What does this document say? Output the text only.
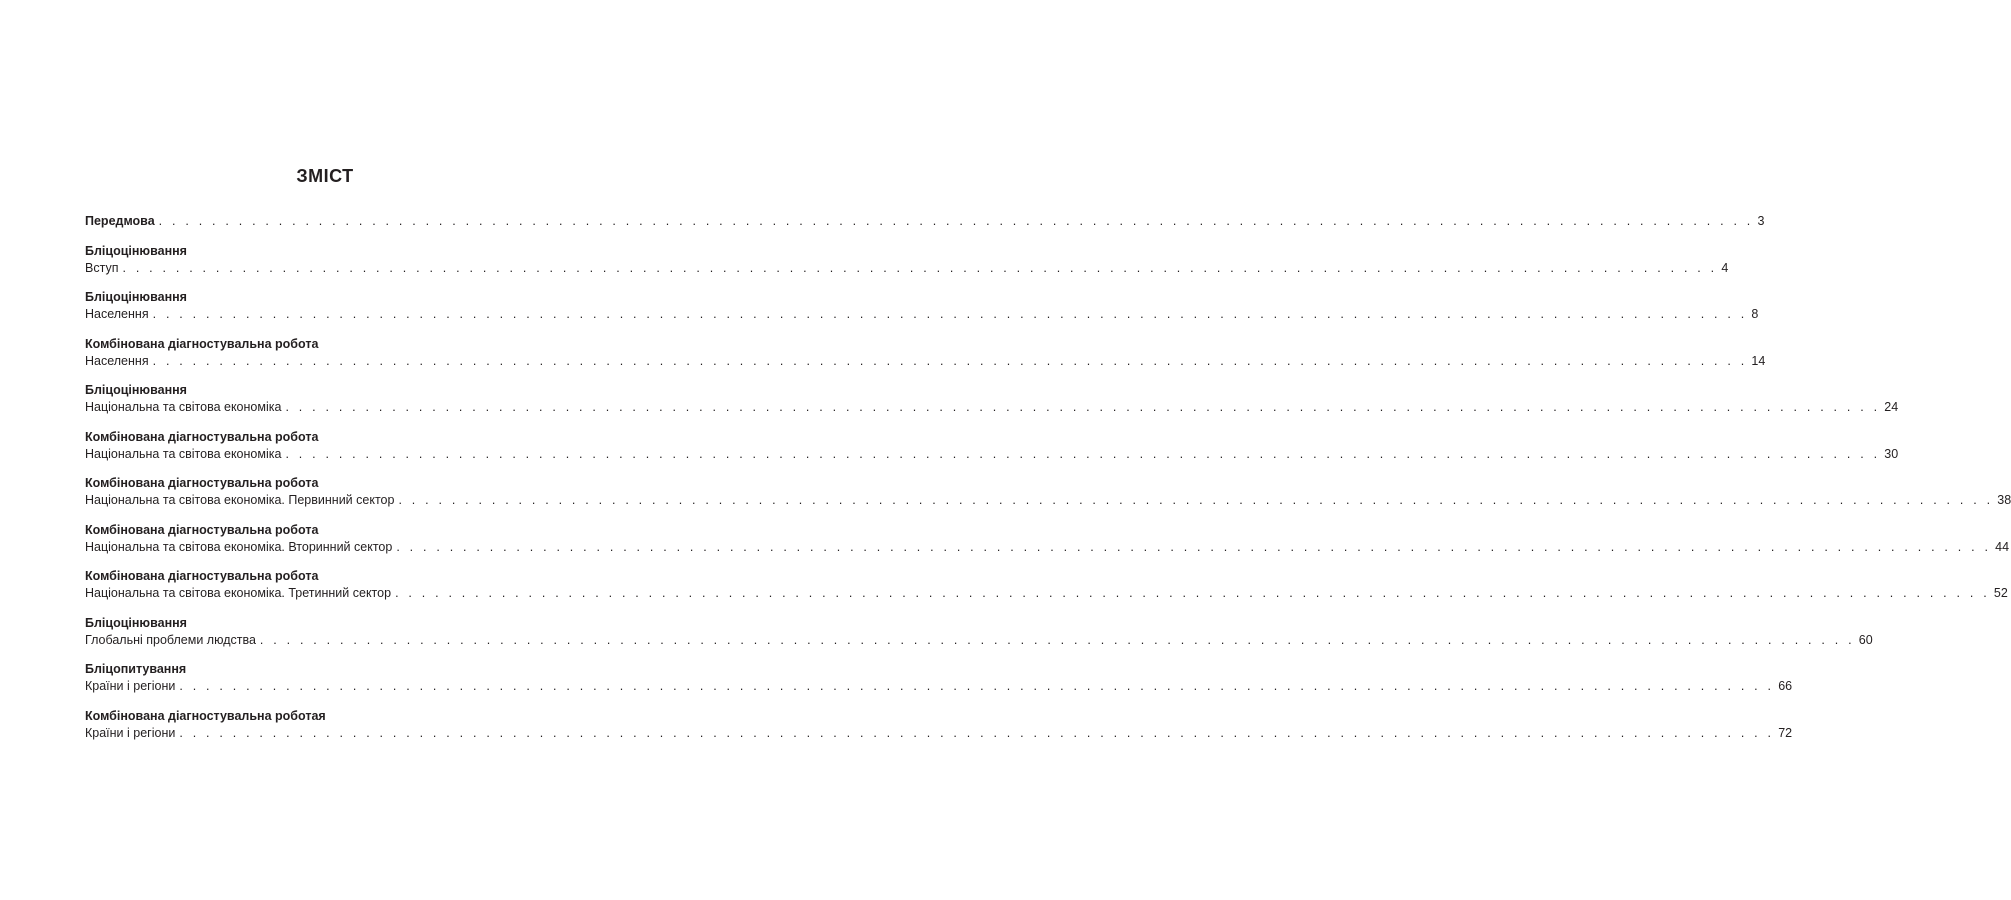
ЗМІСТ
Передмова . . . . . . . . . . . . . . . . . . . . . . . . . . . . . . . . . . . . . . . . . . . . . . . . . . . . . . . . . . . . . . . . . . . . . . . . . . . . . . . . . . . . . . . . . . . . . . . . . . . . . . . . . . . . . . . . . . . . . . . . 3
Бліцоцінювання
Вступ . . . . . . . . . . . . . . . . . . . . . . . . . . . . . . . . . . . . . . . . . . . . . . . . . . . . . . . . . . . . . . . . . . . . . . . . . . . . . . . . . . . . . . . . . . . . . . . . . . . . . . . . . . . . . . . . . . . . . . . . 4
Бліцоцінювання
Населення . . . . . . . . . . . . . . . . . . . . . . . . . . . . . . . . . . . . . . . . . . . . . . . . . . . . . . . . . . . . . . . . . . . . . . . . . . . . . . . . . . . . . . . . . . . . . . . . . . . . . . . . . . . . . . . . . . . . . . . . 8
Комбінована діагностувальна робота
Населення . . . . . . . . . . . . . . . . . . . . . . . . . . . . . . . . . . . . . . . . . . . . . . . . . . . . . . . . . . . . . . . . . . . . . . . . . . . . . . . . . . . . . . . . . . . . . . . . . . . . . . . . . . . . . . . . . . . . . . . . 14
Бліцоцінювання
Національна та світова економіка . . . . . . . . . . . . . . . . . . . . . . . . . . . . . . . . . . . . . . . . . . . . . . . . . . . . . . . . . . . . . . . . . . . . . . . . . . . . . . . . . . . . . . . . . . . . . . . . . . . . . . . . . . . . . . . . . . . . . . . . 24
Комбінована діагностувальна робота
Національна та світова економіка . . . . . . . . . . . . . . . . . . . . . . . . . . . . . . . . . . . . . . . . . . . . . . . . . . . . . . . . . . . . . . . . . . . . . . . . . . . . . . . . . . . . . . . . . . . . . . . . . . . . . . . . . . . . . . . . . . . . . . . . 30
Комбінована діагностувальна робота
Національна та світова економіка. Первинний сектор . . . . . . . . . . . . . . . . . . . . . . . . . . . . . . . . . . . . . . . . . . . . . . . . . . . . . . . . . . . . . . . . . . . . . . . . . . . . . . . . . . . . . . . . . . . . . . . . . . . . . . . . . . . . . . . . . . . . . . . . 38
Комбінована діагностувальна робота
Національна та світова економіка. Вторинний сектор . . . . . . . . . . . . . . . . . . . . . . . . . . . . . . . . . . . . . . . . . . . . . . . . . . . . . . . . . . . . . . . . . . . . . . . . . . . . . . . . . . . . . . . . . . . . . . . . . . . . . . . . . . . . . . . . . . . . . . . . 44
Комбінована діагностувальна робота
Національна та світова економіка. Третинний сектор . . . . . . . . . . . . . . . . . . . . . . . . . . . . . . . . . . . . . . . . . . . . . . . . . . . . . . . . . . . . . . . . . . . . . . . . . . . . . . . . . . . . . . . . . . . . . . . . . . . . . . . . . . . . . . . . . . . . . . . . 52
Бліцоцінювання
Глобальні проблеми людства . . . . . . . . . . . . . . . . . . . . . . . . . . . . . . . . . . . . . . . . . . . . . . . . . . . . . . . . . . . . . . . . . . . . . . . . . . . . . . . . . . . . . . . . . . . . . . . . . . . . . . . . . . . . . . . . . . . . . . . . 60
Бліцопитування
Країни і регіони . . . . . . . . . . . . . . . . . . . . . . . . . . . . . . . . . . . . . . . . . . . . . . . . . . . . . . . . . . . . . . . . . . . . . . . . . . . . . . . . . . . . . . . . . . . . . . . . . . . . . . . . . . . . . . . . . . . . . . . . 66
Комбінована діагностувальна роботая
Країни і регіони . . . . . . . . . . . . . . . . . . . . . . . . . . . . . . . . . . . . . . . . . . . . . . . . . . . . . . . . . . . . . . . . . . . . . . . . . . . . . . . . . . . . . . . . . . . . . . . . . . . . . . . . . . . . . . . . . . . . . . . . 72
